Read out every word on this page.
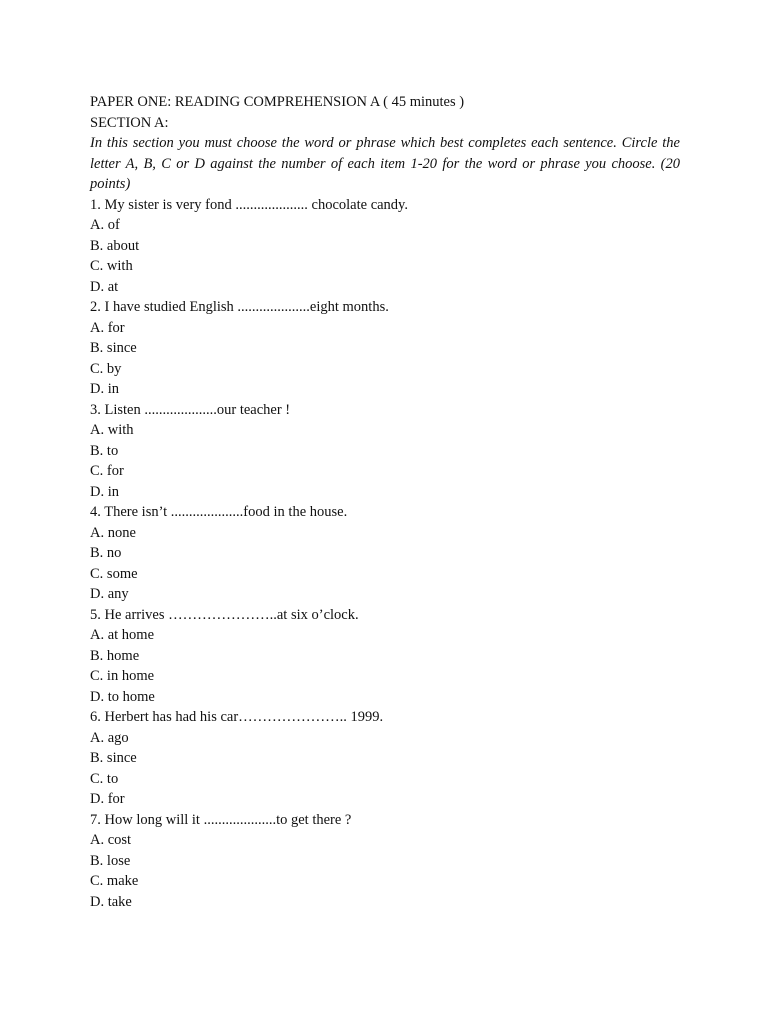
PAPER ONE: READING COMPREHENSION A ( 45 minutes )
SECTION A:
In this section you must choose the word or phrase which best completes each sentence. Circle the letter A, B, C or D against the number of each item 1-20 for the word or phrase you choose. (20 points)
1. My sister is very fond .................... chocolate candy.
A. of
B. about
C. with
D. at
2. I have studied English ....................eight months.
A. for
B. since
C. by
D. in
3. Listen ....................our teacher !
A. with
B. to
C. for
D. in
4. There isn’t ....................food in the house.
A. none
B. no
C. some
D. any
5. He arrives …………………..at six o’clock.
A. at home
B. home
C. in home
D. to home
6. Herbert has had his car………………….. 1999.
A. ago
B. since
C. to
D. for
7. How long will it ....................to get there ?
A. cost
B. lose
C. make
D. take
